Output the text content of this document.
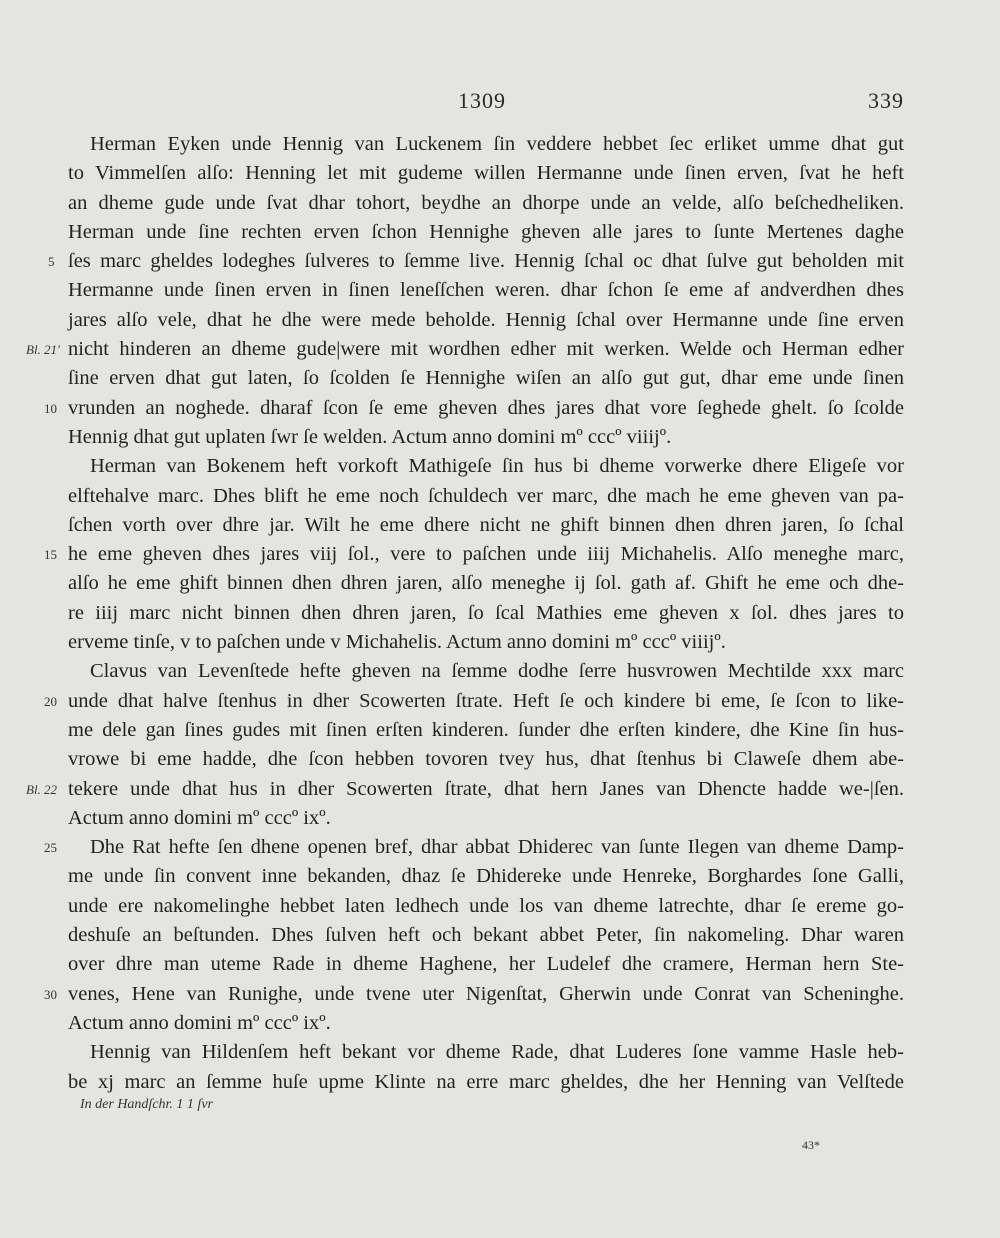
1309	339
Herman Eyken unde Hennig van Luckenem ſin veddere hebbet ſec erliket umme dhat gut
to Vimmelſen alſo: Henning let mit gudeme willen Hermanne unde ſinen erven, ſvat he heft
an dheme gude unde ſvat dhar tohort, beydhe an dhorpe unde an velde, alſo beſchedheliken.
Herman unde ſine rechten erven ſchon Hennighe gheven alle jares to ſunte Mertenes daghe
ſes marc gheldes lodeghes ſulveres to ſemme live. Hennig ſchal oc dhat ſulve gut beholden mit
5
Hermanne unde ſinen erven in ſinen leneſſchen weren. dhar ſchon ſe eme af andverdhen dhes
jares alſo vele, dhat he dhe were mede beholde. Hennig ſchal over Hermanne unde ſine erven
nicht hinderen an dheme gude|were mit wordhen edher mit werken. Welde och Herman edher
Bl. 21'
ſine erven dhat gut laten, ſo ſcolden ſe Hennighe wiſen an alſo gut gut, dhar eme unde ſinen
vrunden an noghede. dharaf ſcon ſe eme gheven dhes jares dhat vore ſeghede ghelt. ſo ſcolde
10
Hennig dhat gut uplaten ſwr ſe welden. Actum anno domini mº cccº viiijº.
Herman van Bokenem heft vorkoft Mathigeſe ſin hus bi dheme vorwerke dhere Eligeſe vor
elftehalve marc. Dhes blift he eme noch ſchuldech ver marc, dhe mach he eme gheven van pa-
ſchen vorth over dhre jar. Wilt he eme dhere nicht ne ghift binnen dhen dhren jaren, ſo ſchal
he eme gheven dhes jares viij ſol., vere to paſchen unde iiij Michahelis. Alſo meneghe marc,
15
alſo he eme ghift binnen dhen dhren jaren, alſo meneghe ij ſol. gath af. Ghift he eme och dhe-
re iiij marc nicht binnen dhen dhren jaren, ſo ſcal Mathies eme gheven x ſol. dhes jares to
erveme tinſe, v to paſchen unde v Michahelis. Actum anno domini mº cccº viiijº.
Clavus van Levenſtede hefte gheven na ſemme dodhe ſerre husvrowen Mechtilde xxx marc
unde dhat halve ſtenhus in dher Scowerten ſtrate. Heft ſe och kindere bi eme, ſe ſcon to like-
20
me dele gan ſines gudes mit ſinen erſten kinderen. ſunder dhe erſten kindere, dhe Kine ſin hus-
vrowe bi eme hadde, dhe ſcon hebben tovoren tvey hus, dhat ſtenhus bi Claweſe dhem abe-
tekere unde dhat hus in dher Scowerten ſtrate, dhat hern Janes van Dhencte hadde we-|ſen.
Bl. 22
Actum anno domini mº cccº ixº.
Dhe Rat hefte ſen dhene openen bref, dhar abbat Dhiderec van ſunte Ilegen van dheme Damp-
25
me unde ſin convent inne bekanden, dhaz ſe Dhidereke unde Henreke, Borghardes ſone Galli,
unde ere nakomelinghe hebbet laten ledhech unde los van dheme latrechte, dhar ſe ereme go-
deshuſe an beſtunden. Dhes ſulven heft och bekant abbet Peter, ſin nakomeling. Dhar waren
over dhre man uteme Rade in dheme Haghene, her Ludelef dhe cramere, Herman hern Ste-
venes, Hene van Runighe, unde tvene uter Nigenſtat, Gherwin unde Conrat van Scheninghe.
30
Actum anno domini mº cccº ixº.
Hennig van Hildenſem heft bekant vor dheme Rade, dhat Luderes ſone vamme Hasle heb-
be xj marc an ſemme huſe upme Klinte na erre marc gheldes, dhe her Henning van Velſtede
In der Handſchr. 1 1 ſvr
43*
